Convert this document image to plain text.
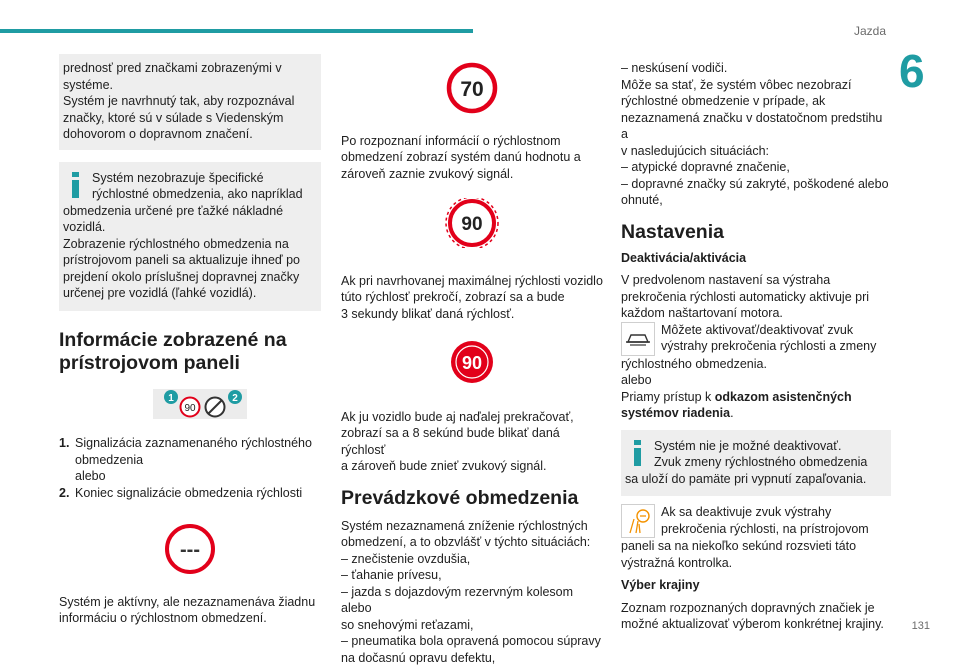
Jazda
6
131

prednosť pred značkami zobrazenými v

systéme.

Systém je navrhnutý tak, aby rozpoznával

značky, ktoré sú v súlade s Viedenským

dohovorom o dopravnom značení.

Systém nezobrazuje špecifické

rýchlostné obmedzenia, ako napríklad

obmedzenia určené pre ťažké nákladné

vozidlá.

Zobrazenie rýchlostného obmedzenia na

prístrojovom paneli sa aktualizuje ihneď po

prejdení okolo príslušnej dopravnej značky

určenej pre vozidlá (ľahké vozidlá).

Informácie zobrazené na
prístrojovom paneli
1
90
2
1. Signalizácia zaznamenaného rýchlostného

obmedzenia

alebo

2. Koniec signalizácie obmedzenia rýchlosti

---

Systém je aktívny, ale nezaznamenáva žiadnu

informáciu o rýchlostnom obmedzení.

70

Po rozpoznaní informácií o rýchlostnom

obmedzení zobrazí systém danú hodnotu a

zároveň zaznie zvukový signál.

90

Ak pri navrhovanej maximálnej rýchlosti vozidlo

túto rýchlosť prekročí, zobrazí sa a bude

3 sekundy blikať daná rýchlosť.

90

Ak ju vozidlo bude aj naďalej prekračovať,

zobrazí sa a 8 sekúnd bude blikať daná rýchlosť

a zároveň bude zniеť zvukový signál.

Prevádzkové obmedzenia

Systém nezaznamená zníženie rýchlostných

obmedzení, a to obzvlášť v týchto situáciách:

– znečistenie ovzdušia,

– ťahanie prívesu,

– jazda s dojazdovým rezervným kolesom alebo

so snehovými reťazami,

– pneumatika bola opravená pomocou súpravy

na dočasnú opravu defektu,

– neskúsení vodiči.

Môže sa stať, že systém vôbec nezobrazí

rýchlostné obmedzenie v prípade, ak

nezaznamená značku v dostatočnom predstihu a

v nasledujúcich situáciách:

– atypické dopravné značenie,

– dopravné značky sú zakryté, poškodené alebo

ohnuté,

Nastavenia
Deaktivácia/aktivácia

V predvolenom nastavení sa výstraha

prekročenia rýchlosti automaticky aktivuje pri

každom naštartovaní motora.

Môžete aktivovať/deaktivovať zvuk

výstrahy prekročenia rýchlosti a zmeny

rýchlostného obmedzenia.

alebo

Priamy prístup k odkazom asistenčných systémov riadenia.

Systém nie je možné deaktivovať.

Zvuk zmeny rýchlostného obmedzenia

sa uloží do pamäte pri vypnutí zapaľovania.

Ak sa deaktivuje zvuk výstrahy

prekročenia rýchlosti, na prístrojovom

paneli sa na niekoľko sekúnd rozsvieti táto

výstražná kontrolka.

Výber krajiny

Zoznam rozpoznaných dopravných značiek je

možné aktualizovať výberom konkrétnej krajiny.
